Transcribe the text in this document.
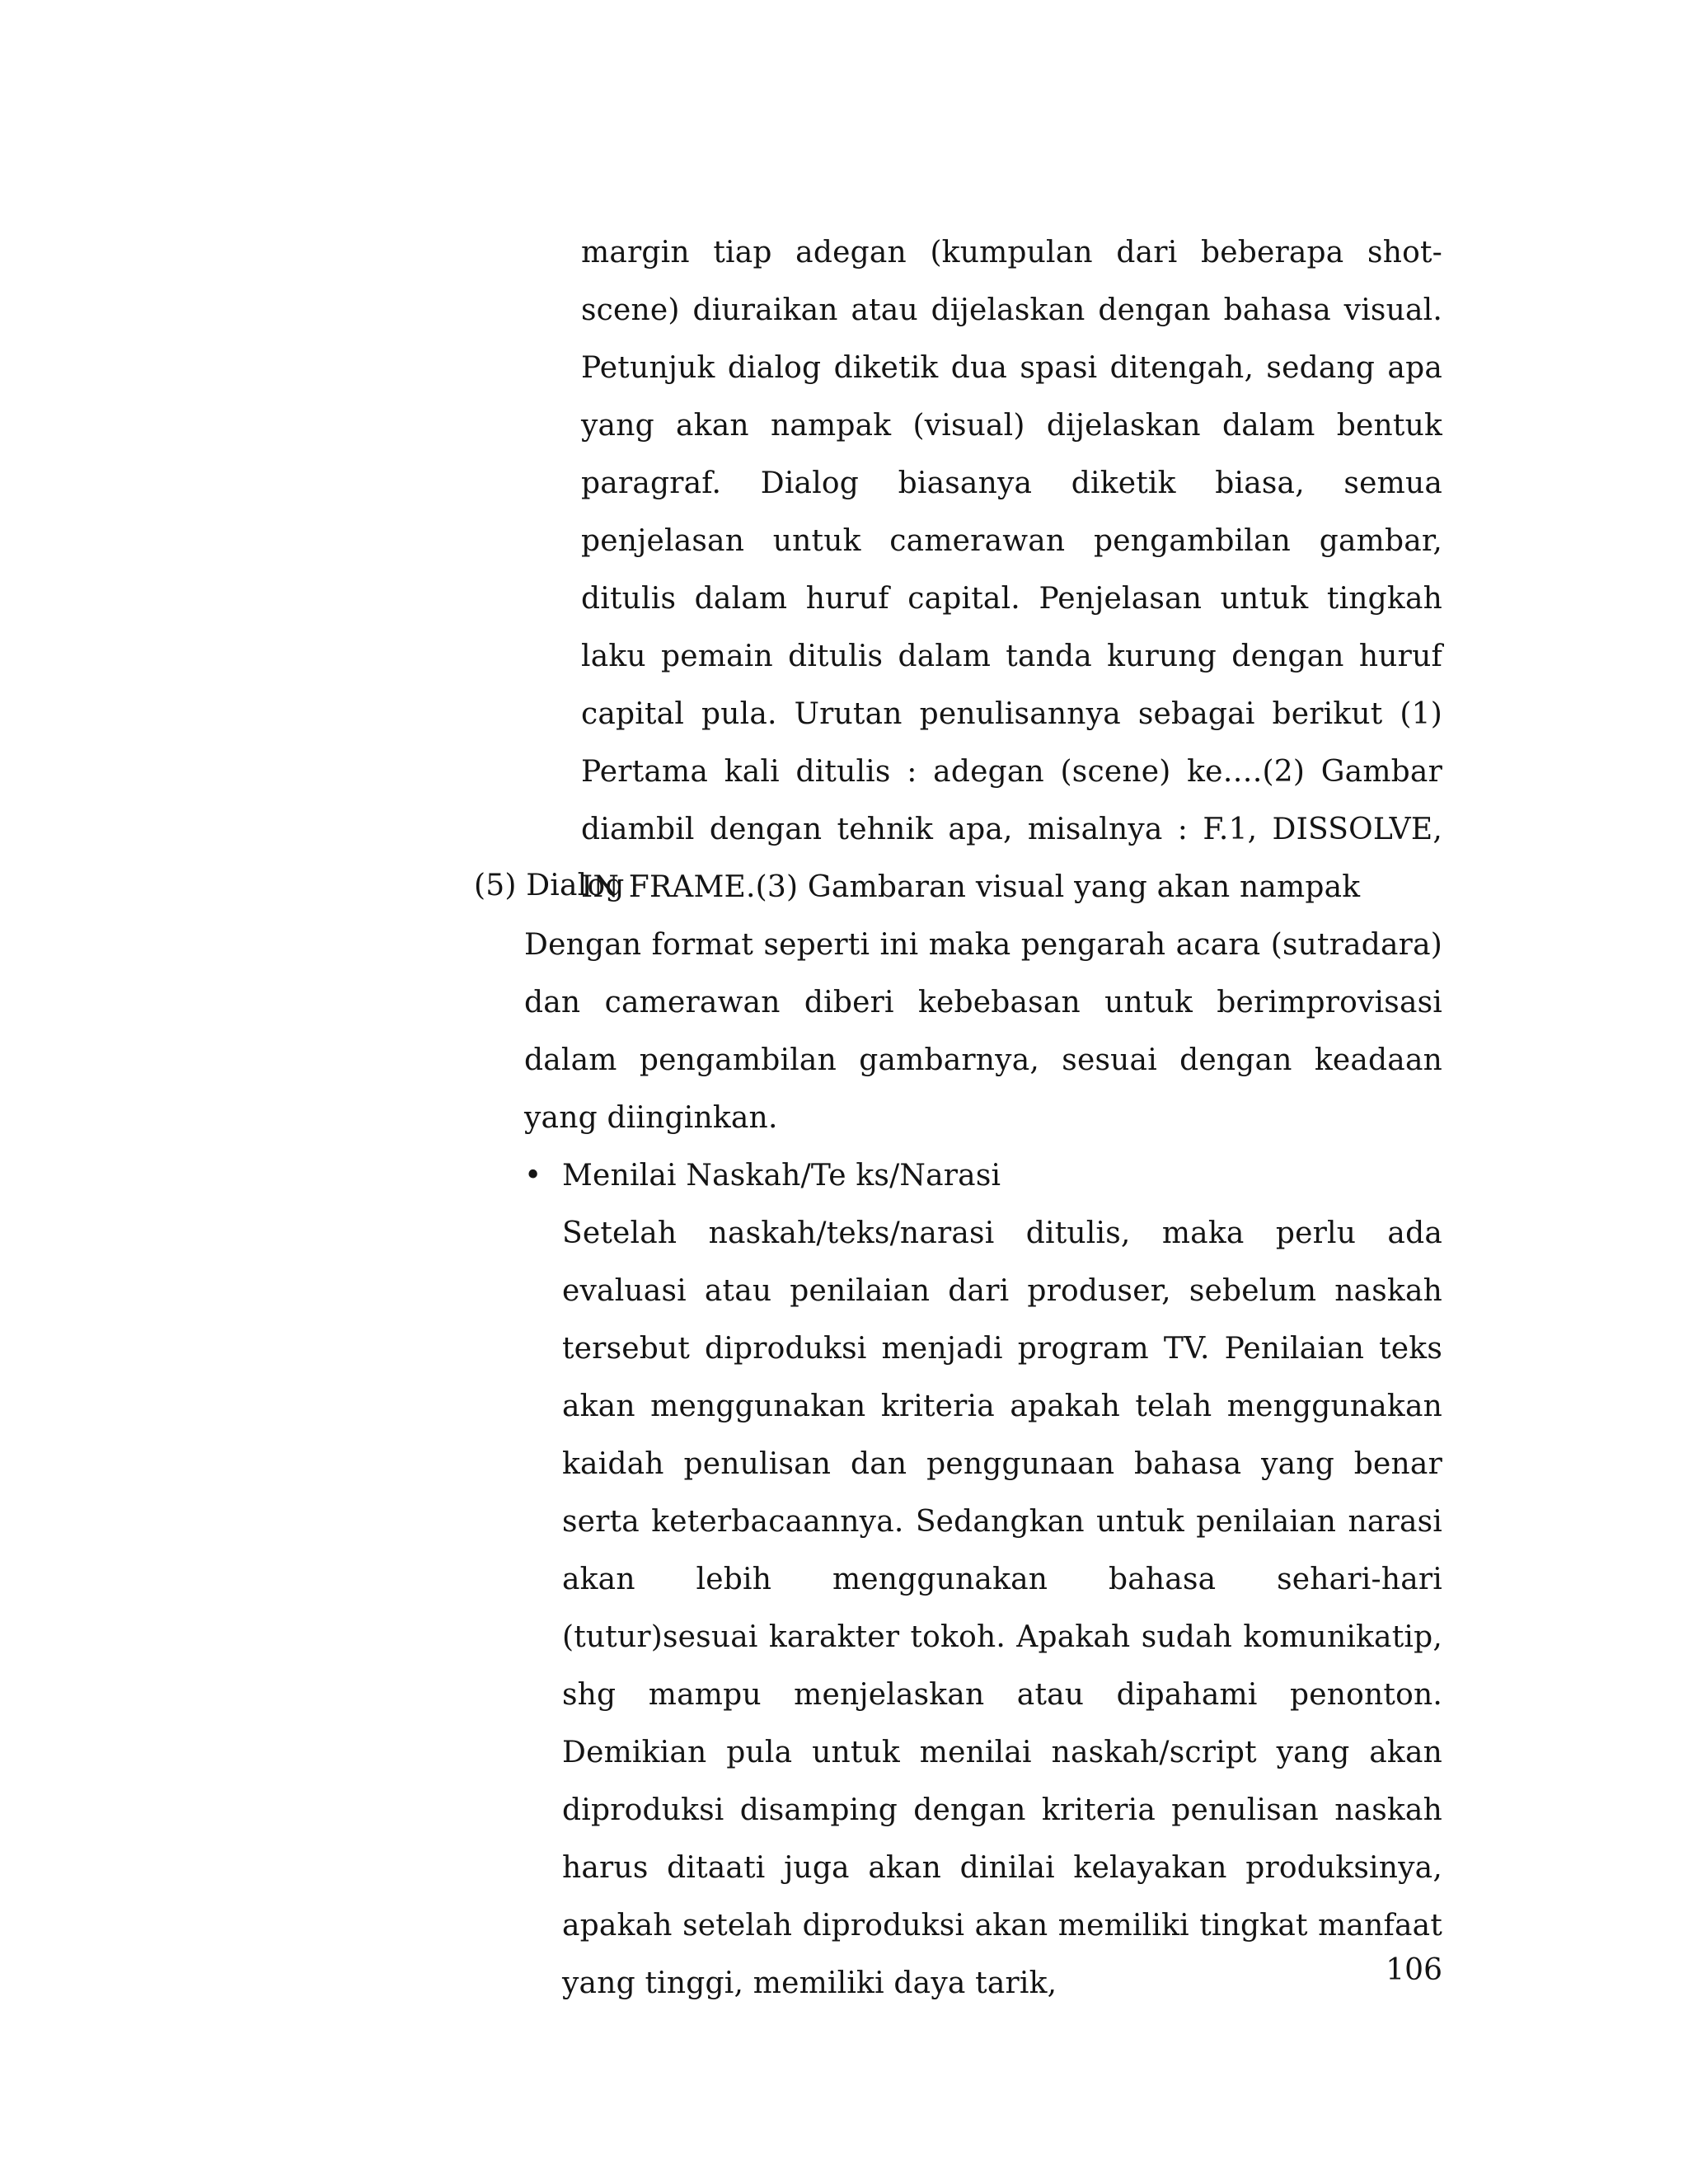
margin tiap adegan (kumpulan dari beberapa shot-scene) diuraikan atau dijelaskan dengan bahasa visual. Petunjuk dialog diketik dua spasi ditengah, sedang apa yang akan nampak (visual) dijelaskan dalam bentuk paragraf. Dialog biasanya diketik biasa, semua penjelasan untuk camerawan pengambilan gambar, ditulis dalam huruf capital. Penjelasan untuk tingkah laku pemain ditulis dalam tanda kurung dengan huruf capital pula. Urutan penulisannya sebagai berikut (1) Pertama kali ditulis : adegan (scene) ke….(2) Gambar diambil dengan tehnik apa, misalnya : F.1, DISSOLVE, IN FRAME.(3) Gambaran visual yang akan nampak

(5) Dialog

Dengan format seperti ini maka pengarah acara (sutradara) dan camerawan diberi kebebasan untuk berimprovisasi dalam pengambilan gambarnya, sesuai dengan keadaan yang diinginkan.

• Menilai Naskah/Te ks/Narasi

Setelah naskah/teks/narasi ditulis, maka perlu ada evaluasi atau penilaian dari produser, sebelum naskah tersebut diproduksi menjadi program TV. Penilaian teks akan menggunakan kriteria apakah telah menggunakan kaidah penulisan dan penggunaan bahasa yang benar serta keterbacaannya. Sedangkan untuk penilaian narasi akan lebih menggunakan bahasa sehari-hari (tutur)sesuai karakter tokoh. Apakah sudah komunikatip, shg mampu menjelaskan atau dipahami penonton. Demikian pula untuk menilai naskah/script yang akan diproduksi disamping dengan kriteria penulisan naskah harus ditaati juga akan dinilai kelayakan produksinya, apakah setelah diproduksi akan memiliki tingkat manfaat yang tinggi, memiliki daya tarik,	106
